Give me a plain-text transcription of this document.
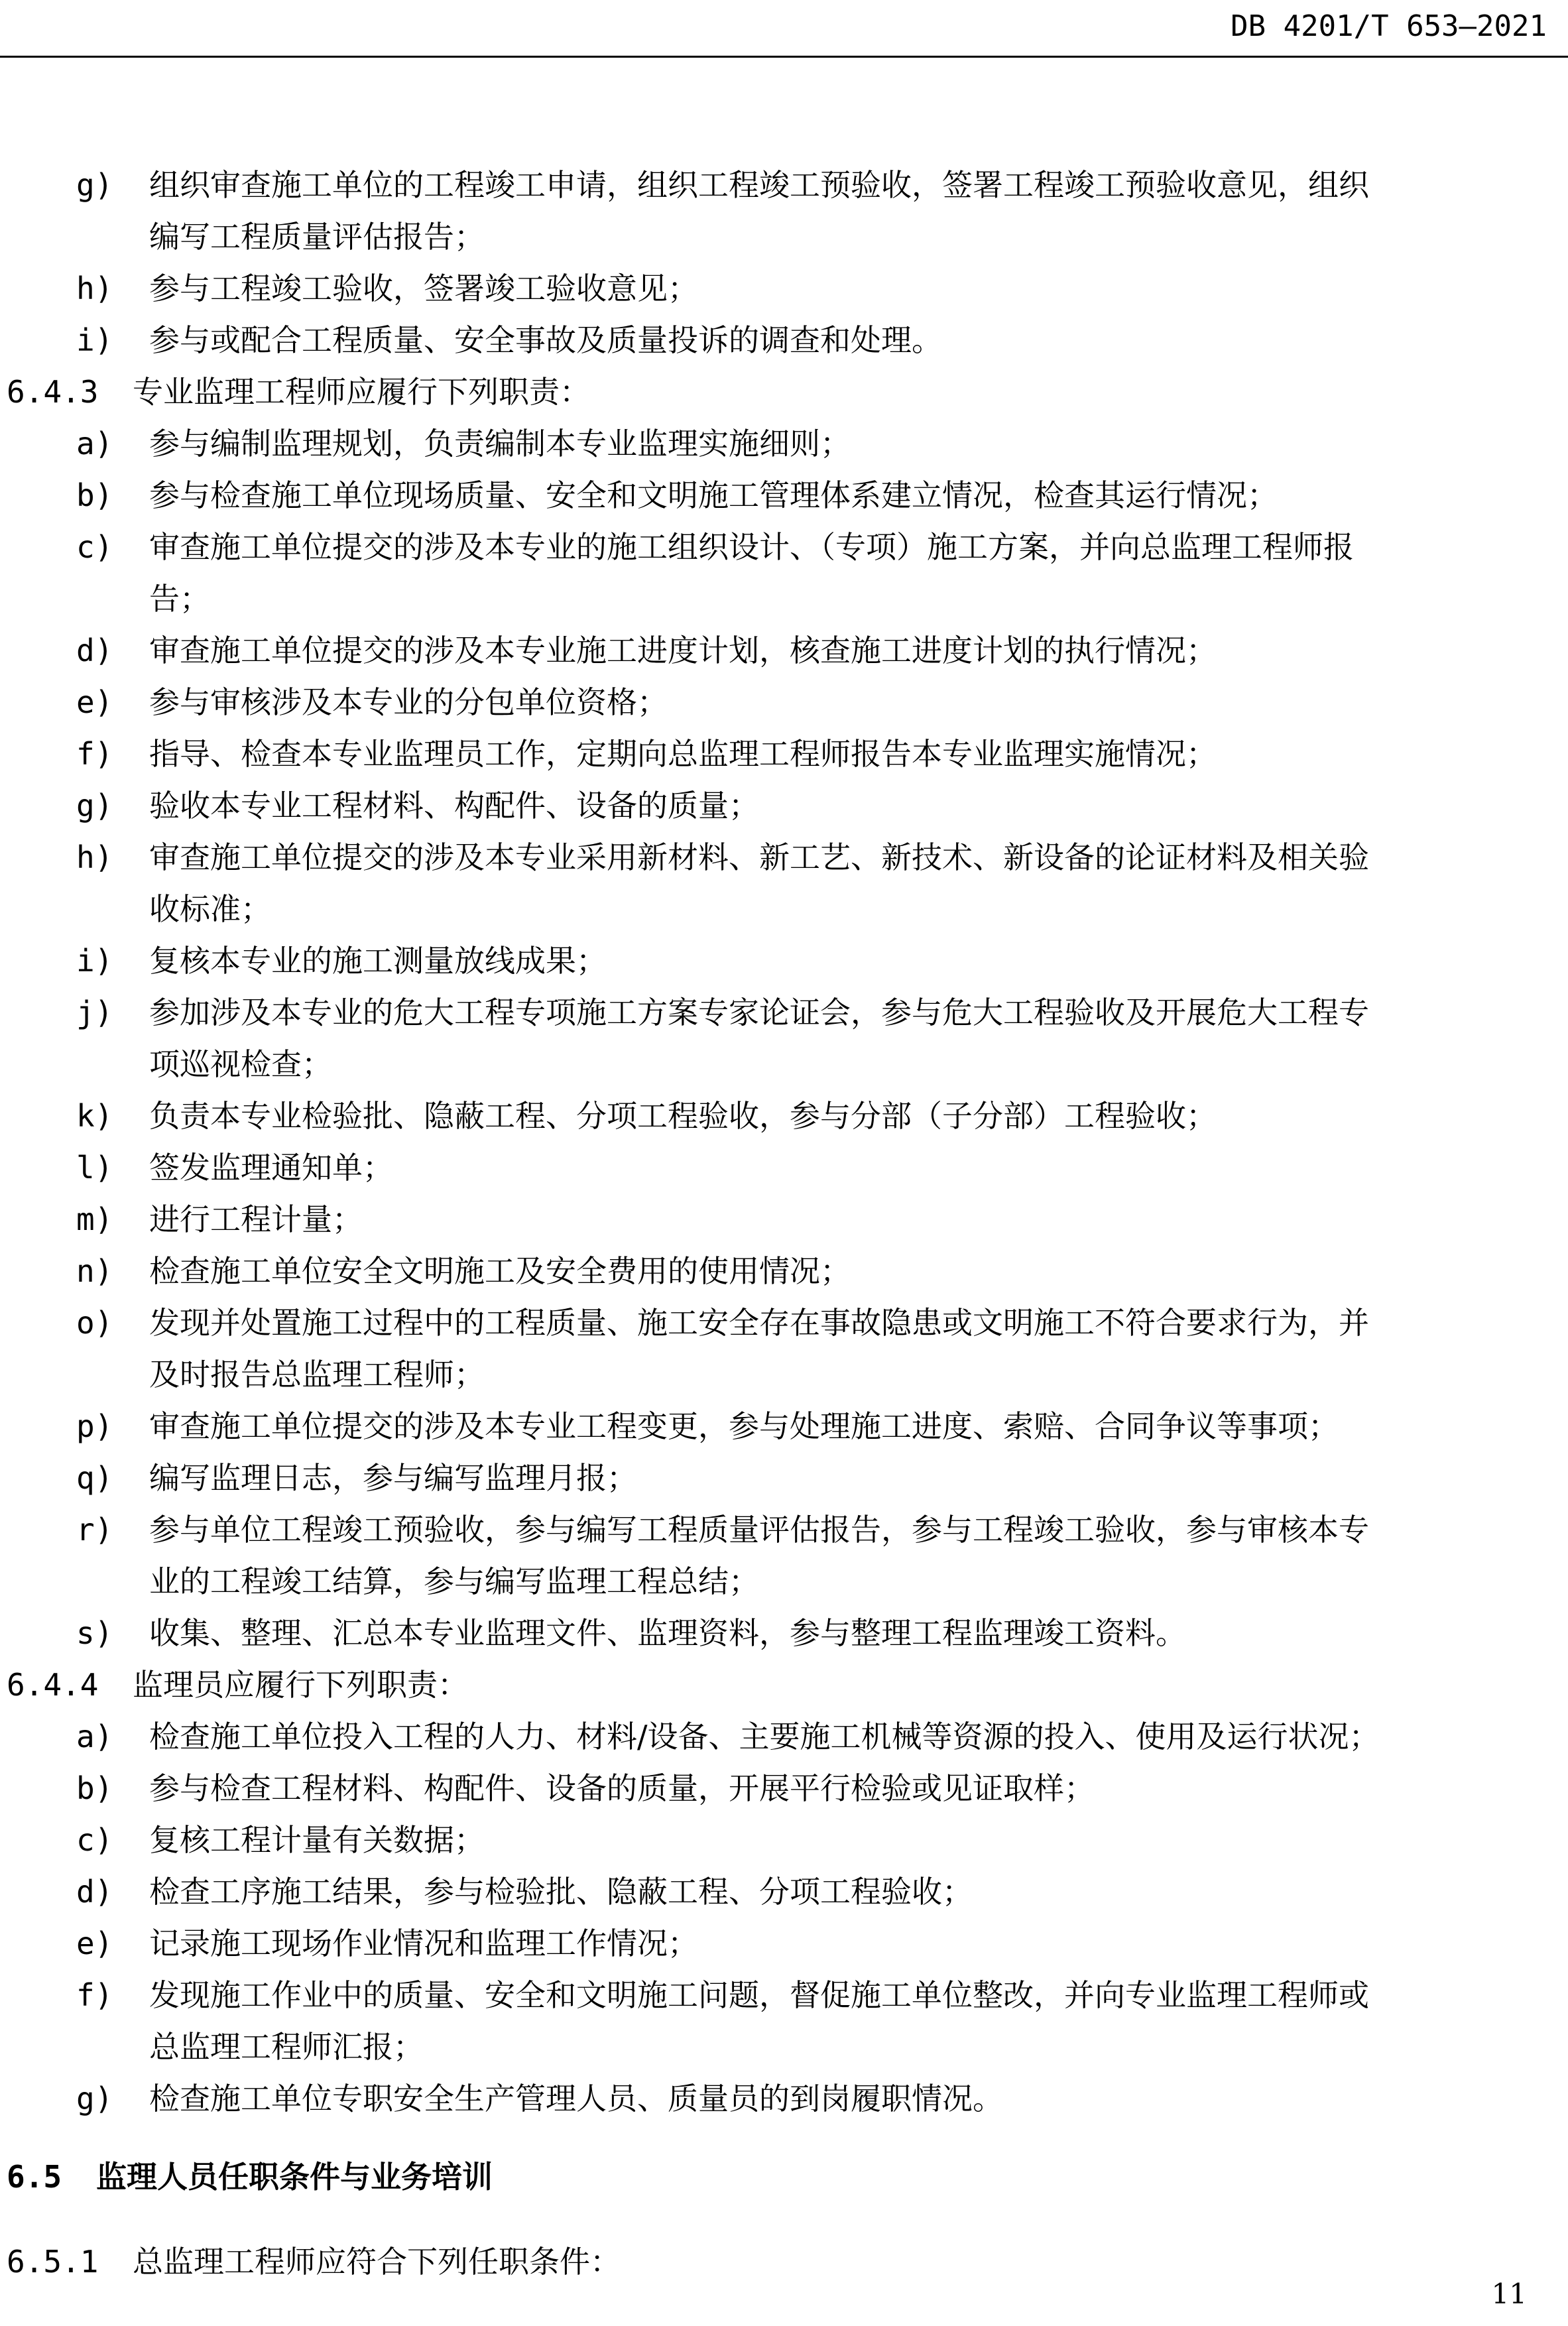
DB 4201/T 653—2021
g) 组织审查施工单位的工程竣工申请，组织工程竣工预验收，签署工程竣工预验收意见，组织
编写工程质量评估报告；
h) 参与工程竣工验收，签署竣工验收意见；
i) 参与或配合工程质量、安全事故及质量投诉的调查和处理。
6.4.3 专业监理工程师应履行下列职责：
a) 参与编制监理规划，负责编制本专业监理实施细则；
b) 参与检查施工单位现场质量、安全和文明施工管理体系建立情况，检查其运行情况；
c) 审查施工单位提交的涉及本专业的施工组织设计、（专项）施工方案，并向总监理工程师报
告；
d) 审查施工单位提交的涉及本专业施工进度计划，核查施工进度计划的执行情况；
e) 参与审核涉及本专业的分包单位资格；
f) 指导、检查本专业监理员工作，定期向总监理工程师报告本专业监理实施情况；
g) 验收本专业工程材料、构配件、设备的质量；
h) 审查施工单位提交的涉及本专业采用新材料、新工艺、新技术、新设备的论证材料及相关验
收标准；
i) 复核本专业的施工测量放线成果；
j) 参加涉及本专业的危大工程专项施工方案专家论证会，参与危大工程验收及开展危大工程专
项巡视检查；
k) 负责本专业检验批、隐蔽工程、分项工程验收，参与分部（子分部）工程验收；
l) 签发监理通知单；
m) 进行工程计量；
n) 检查施工单位安全文明施工及安全费用的使用情况；
o) 发现并处置施工过程中的工程质量、施工安全存在事故隐患或文明施工不符合要求行为，并
及时报告总监理工程师；
p) 审查施工单位提交的涉及本专业工程变更，参与处理施工进度、索赔、合同争议等事项；
q) 编写监理日志，参与编写监理月报；
r) 参与单位工程竣工预验收，参与编写工程质量评估报告，参与工程竣工验收，参与审核本专
业的工程竣工结算，参与编写监理工程总结；
s) 收集、整理、汇总本专业监理文件、监理资料，参与整理工程监理竣工资料。
6.4.4 监理员应履行下列职责：
a) 检查施工单位投入工程的人力、材料/设备、主要施工机械等资源的投入、使用及运行状况；
b) 参与检查工程材料、构配件、设备的质量，开展平行检验或见证取样；
c) 复核工程计量有关数据；
d) 检查工序施工结果，参与检验批、隐蔽工程、分项工程验收；
e) 记录施工现场作业情况和监理工作情况；
f) 发现施工作业中的质量、安全和文明施工问题，督促施工单位整改，并向专业监理工程师或
总监理工程师汇报；
g) 检查施工单位专职安全生产管理人员、质量员的到岗履职情况。
6.5 监理人员任职条件与业务培训
6.5.1 总监理工程师应符合下列任职条件：
11
